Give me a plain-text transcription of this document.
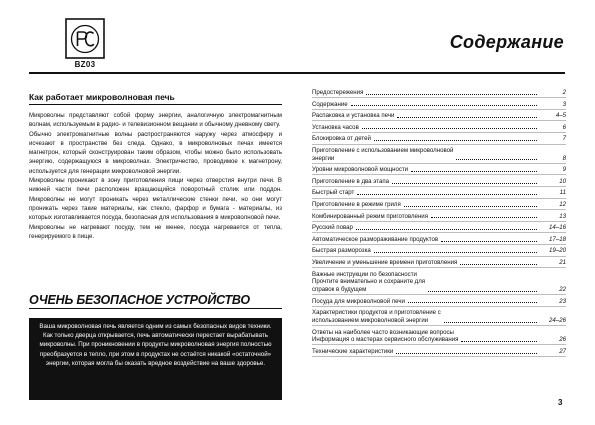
BZ03
Содержание
Как работает микроволновая печь
Микроволны представляют собой форму энергии, аналогичную электромагнитным волнам, используемым в радио- и телевизионном вещании и обычному дневному свету.
Обычно электромагнитные волны распространяются наружу через атмосферу и исчезают в пространстве без следа. Однако, в микроволновых печах имеется магнетрон, который сконструирован таким образом, чтобы можно было использовать энергию, содержащуюся в микроволнах. Электричество, проводимое к магнетрону, используется для генерации микроволновой энергии.
Микроволны проникают в зону приготовления пищи через отверстия внутри печи. В нижней части печи расположен вращающийся поворотный столик или поддон. Микроволны не могут проникать через металлические стенки печи, но они могут проникать через такие материалы, как стекло, фарфор и бумага - материалы, из которых изготавливается посуда, безопасная для использования в микроволновой печи.
Микроволны не нагревают посуду, тем не менее, посуда нагревается от тепла, генерируемого в пище.
ОЧЕНЬ БЕЗОПАСНОЕ УСТРОЙСТВО
Ваша микроволновая печь является одним из самых безопасных видов техники. Как только дверца открывается, печь автоматически перестает вырабатывать микроволны. При проникновении в продукты микроволновая энергия полностью преобразуется в тепло, при этом в продуктах не остаётся никакой «остаточной» энергии, которая могла бы оказать вредное воздействие на ваше здоровье.
Предостережения	2
Содержание	3
Распаковка и установка печи	4–5
Установка часов	6
Блокировка от детей	7
Приготовление с использованием микроволновой
энергии	8
Уровни микроволновой мощности	9
Приготовление в два этапа	10
Быстрый старт	11
Приготовление в режиме гриля	12
Комбинированный режим приготовления	13
Русский повар	14–16
Автоматическое размораживание продуктов	17–18
Быстрая разморозка	19–20
Увеличение и уменьшение времени приготовления	21
Важные инструкции по безопасности
Прочтите внимательно и сохраните для
справок в будущем	22
Посуда для микроволновой печи	23
Характеристики продуктов и приготовление с
использованием микроволновой энергии	24–26
Ответы на наиболее часто возникающие вопросы
Информация о мастерах сервисного обслуживания	26
Технические характеристики	27
3
